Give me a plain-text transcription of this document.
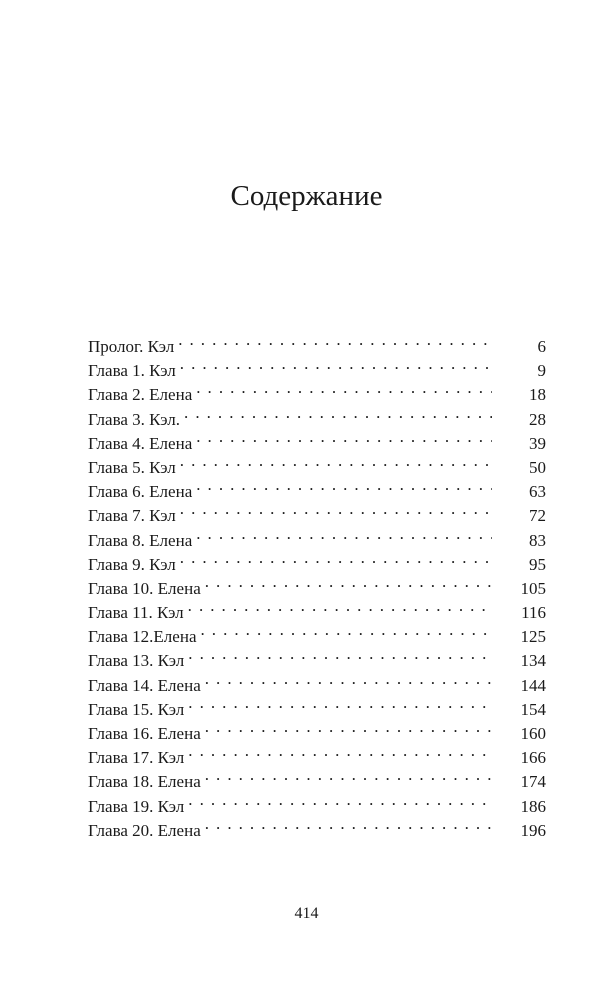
Содержание
Пролог. Кэл . . .	6
Глава 1. Кэл . . .	9
Глава 2. Елена . . .	18
Глава 3. Кэл. . . .	28
Глава 4. Елена . . .	39
Глава 5. Кэл . . .	50
Глава 6. Елена . . .	63
Глава 7. Кэл . . .	72
Глава 8. Елена . . .	83
Глава 9. Кэл . . .	95
Глава 10. Елена . . .	105
Глава 11. Кэл . . .	116
Глава 12.Елена . . .	125
Глава 13. Кэл . . .	134
Глава 14. Елена . . .	144
Глава 15. Кэл . . .	154
Глава 16. Елена . . .	160
Глава 17. Кэл . . .	166
Глава 18. Елена . . .	174
Глава 19. Кэл . . .	186
Глава 20. Елена . . .	196
414
